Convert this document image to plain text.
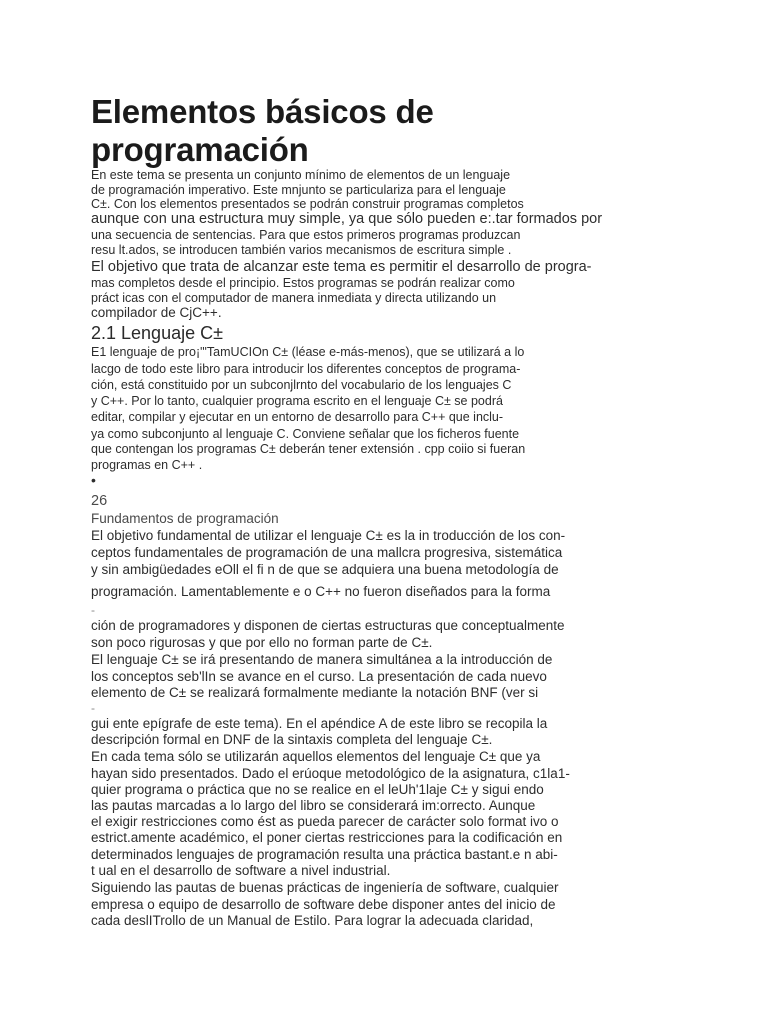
Elementos básicos de
programación
En este tema se presenta un conjunto mínimo de elementos de un lenguaje
de programación imperativo. Este mnjunto se particulariza para el lenguaje
C±. Con los elementos presentados se podrán construir programas completos
aunque con una estructura muy simple, ya que sólo pueden e:.tar formados por
una secuencia de sentencias. Para que estos primeros programas produzcan
resu lt.ados, se introducen también varios mecanismos de escritura simple .
El objetivo que trata de alcanzar este tema es permitir el desarrollo de progra-
mas completos desde el principio. Estos programas se podrán realizar como
práct icas con el computador de manera inmediata y directa utilizando un
compilador de CjC++.
2.1 Lenguaje C±
E1 lenguaje de pro¡"'TamUCIOn C± (léase e-más-menos), que se utilizará a lo
lacgo de todo este libro para introducir los diferentes conceptos de programa-
ción, está constituido por un subconjlrnto del vocabulario de los lenguajes C
y C++. Por lo tanto, cualquier programa escrito en el lenguaje C± se podrá
editar, compilar y ejecutar en un entorno de desarrollo para C++ que inclu-
ya como subconjunto al lenguaje C. Conviene señalar que los ficheros fuente
que contengan los programas C± deberán tener extensión . cpp coiio si fueran
programas en C++ .
•
26
Fundamentos de programación
El objetivo fundamental de utilizar el lenguaje C± es la in troducción de los con-
ceptos fundamentales de programación de una mallcra progresiva, sistemática
y sin ambigüedades eOll el fi n de que se adquiera una buena metodología de
programación. Lamentablemente e o C++ no fueron diseñados para la forma
-
ción de programadores y disponen de ciertas estructuras que conceptualmente
son poco rigurosas y que por ello no forman parte de C±.
El lenguaje C± se irá presentando de manera simultánea a la introducción de
los conceptos seb'lIn se avance en el curso. La presentación de cada nuevo
elemento de C± se realizará formalmente mediante la notación BNF (ver si
-
gui ente epígrafe de este tema). En el apéndice A de este libro se recopila la
descripción formal en DNF de la sintaxis completa del lenguaje C±.
En cada tema sólo se utilizarán aquellos elementos del lenguaje C± que ya
hayan sido presentados. Dado el erúoque metodológico de la asignatura, c1la1-
quier programa o práctica que no se realice en el leUh'1laje C± y sigui endo
las pautas marcadas a lo largo del libro se considerará im:orrecto. Aunque
el exigir restricciones como ést as pueda parecer de carácter solo format ivo o
estrict.amente académico, el poner ciertas restricciones para la codificación en
determinados lenguajes de programación resulta una práctica bastant.e n abi-
t ual en el desarrollo de software a nivel industrial.
Siguiendo las pautas de buenas prácticas de ingeniería de software, cualquier
empresa o equipo de desarrollo de software debe disponer antes del inicio de
cada deslITrollo de un Manual de Estilo. Para lograr la adecuada claridad,
